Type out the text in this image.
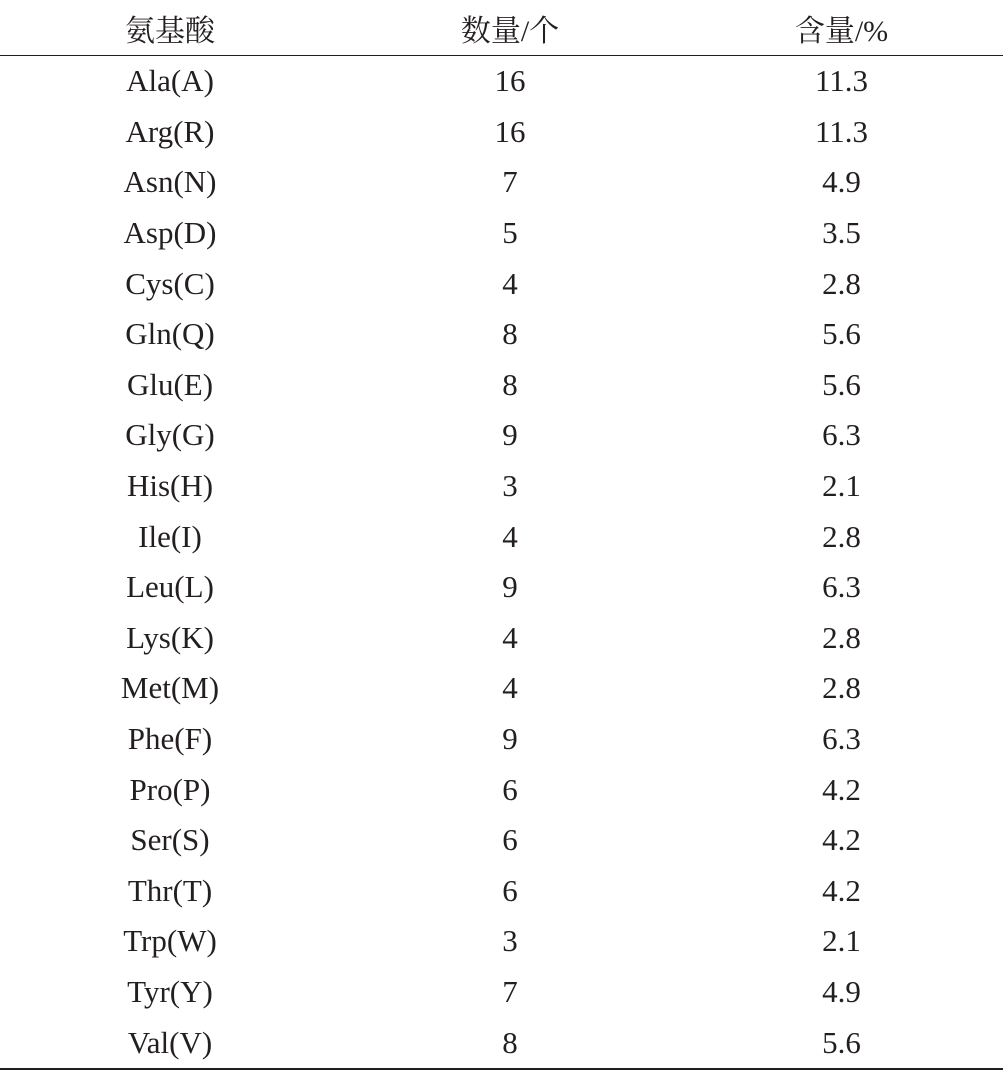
氨基酸	数量/个	含量/%
Ala(A)	16	11.3
Arg(R)	16	11.3
Asn(N)	7	4.9
Asp(D)	5	3.5
Cys(C)	4	2.8
Gln(Q)	8	5.6
Glu(E)	8	5.6
Gly(G)	9	6.3
His(H)	3	2.1
Ile(I)	4	2.8
Leu(L)	9	6.3
Lys(K)	4	2.8
Met(M)	4	2.8
Phe(F)	9	6.3
Pro(P)	6	4.2
Ser(S)	6	4.2
Thr(T)	6	4.2
Trp(W)	3	2.1
Tyr(Y)	7	4.9
Val(V)	8	5.6
